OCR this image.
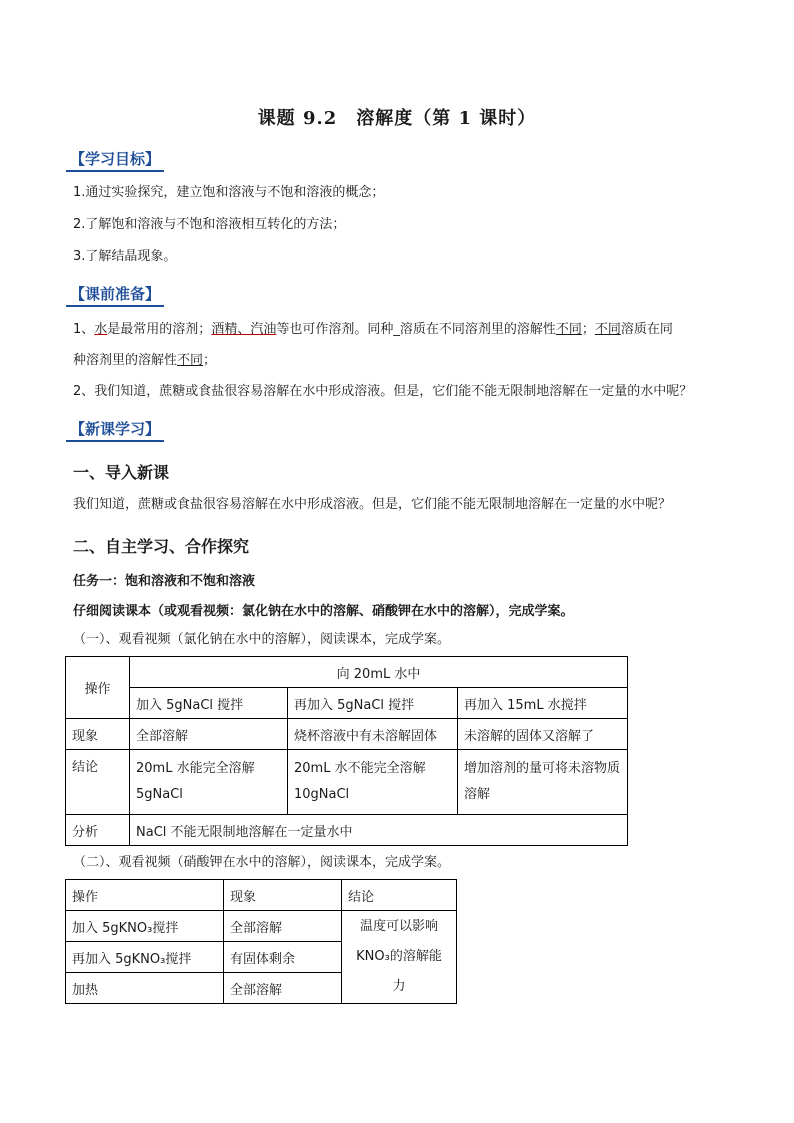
课题 9.2　溶解度（第 1 课时）
【学习目标】
1.通过实验探究，建立饱和溶液与不饱和溶液的概念；
2.了解饱和溶液与不饱和溶液相互转化的方法；
3.了解结晶现象。
【课前准备】
1、水是最常用的溶剂；酒精、汽油等也可作溶剂。同种_溶质在不同溶剂里的溶解性不同；不同溶质在同
种溶剂里的溶解性不同；
2、我们知道，蔗糖或食盐很容易溶解在水中形成溶液。但是，它们能不能无限制地溶解在一定量的水中呢？
【新课学习】
一、导入新课
我们知道，蔗糖或食盐很容易溶解在水中形成溶液。但是，它们能不能无限制地溶解在一定量的水中呢？
二、自主学习、合作探究
任务一：饱和溶液和不饱和溶液
仔细阅读课本（或观看视频：氯化钠在水中的溶解、硝酸钾在水中的溶解），完成学案。
（一）、观看视频（氯化钠在水中的溶解），阅读课本，完成学案。
操作	向 20mL 水中		
	加入 5gNaCl 搅拌	再加入 5gNaCl 搅拌	再加入 15mL 水搅拌
现象	全部溶解	烧杯溶液中有未溶解固体	未溶解的固体又溶解了
结论	20mL 水能完全溶解 5gNaCl	20mL 水不能完全溶解 10gNaCl	增加溶剂的量可将未溶物质溶解
分析	NaCl 不能无限制地溶解在一定量水中		
（二）、观看视频（硝酸钾在水中的溶解），阅读课本，完成学案。
操作	现象	结论
加入 5gKNO₃搅拌	全部溶解	温度可以影响KNO₃的溶解能力
再加入 5gKNO₃搅拌	有固体剩余	
加热	全部溶解	
